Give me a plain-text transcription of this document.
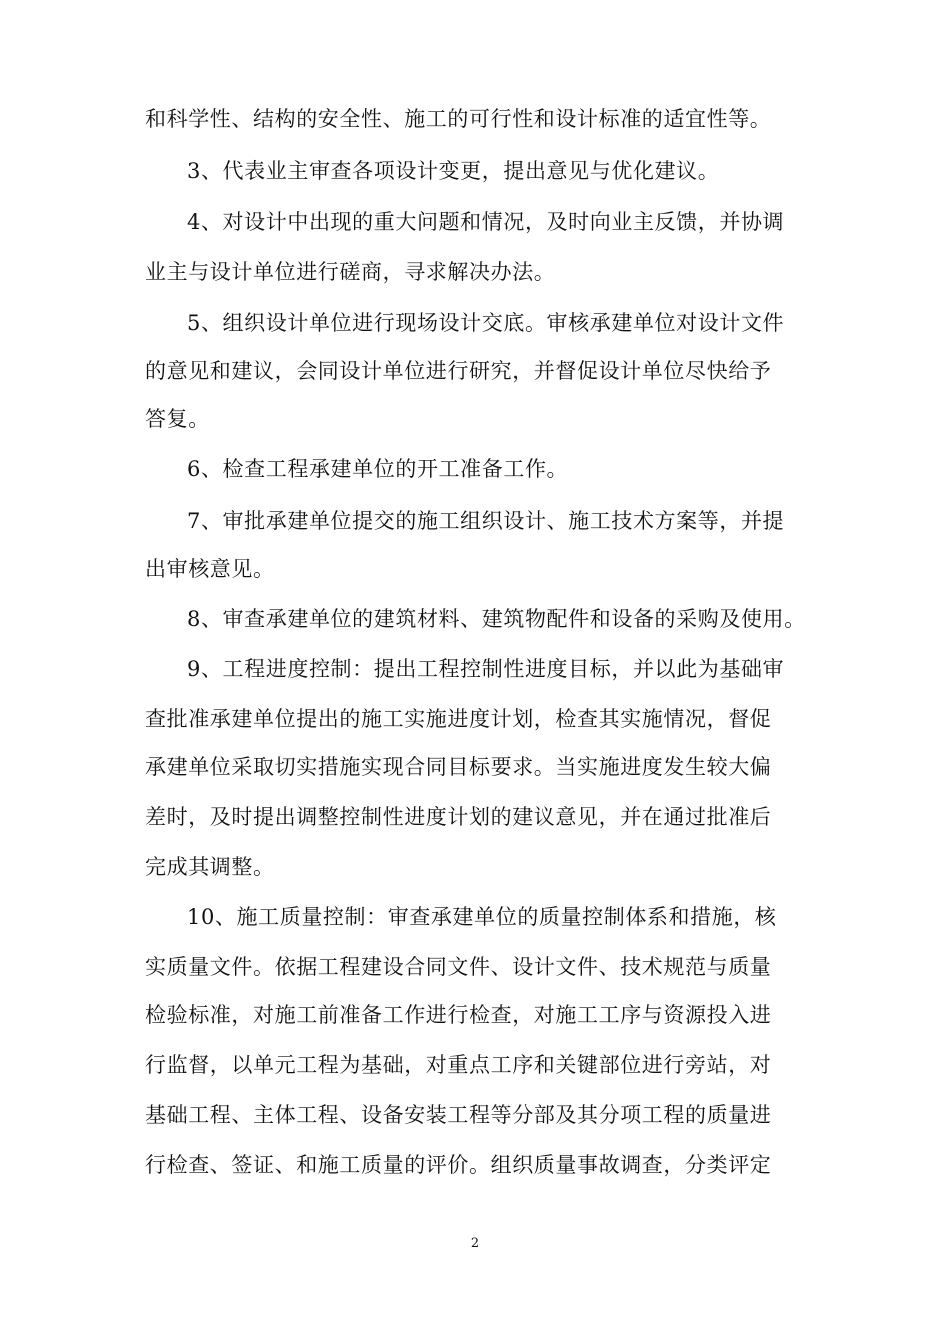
和科学性、结构的安全性、施工的可行性和设计标准的适宜性等。
3、代表业主审查各项设计变更，提出意见与优化建议。
4、对设计中出现的重大问题和情况，及时向业主反馈，并协调
业主与设计单位进行磋商，寻求解决办法。
5、组织设计单位进行现场设计交底。审核承建单位对设计文件
的意见和建议，会同设计单位进行研究，并督促设计单位尽快给予
答复。
6、检查工程承建单位的开工准备工作。
7、审批承建单位提交的施工组织设计、施工技术方案等，并提
出审核意见。
8、审查承建单位的建筑材料、建筑物配件和设备的采购及使用。
9、工程进度控制：提出工程控制性进度目标，并以此为基础审
查批准承建单位提出的施工实施进度计划，检查其实施情况，督促
承建单位采取切实措施实现合同目标要求。当实施进度发生较大偏
差时，及时提出调整控制性进度计划的建议意见，并在通过批准后
完成其调整。
10、施工质量控制：审查承建单位的质量控制体系和措施，核
实质量文件。依据工程建设合同文件、设计文件、技术规范与质量
检验标准，对施工前准备工作进行检查，对施工工序与资源投入进
行监督，以单元工程为基础，对重点工序和关键部位进行旁站，对
基础工程、主体工程、设备安装工程等分部及其分项工程的质量进
行检查、签证、和施工质量的评价。组织质量事故调查，分类评定
2
